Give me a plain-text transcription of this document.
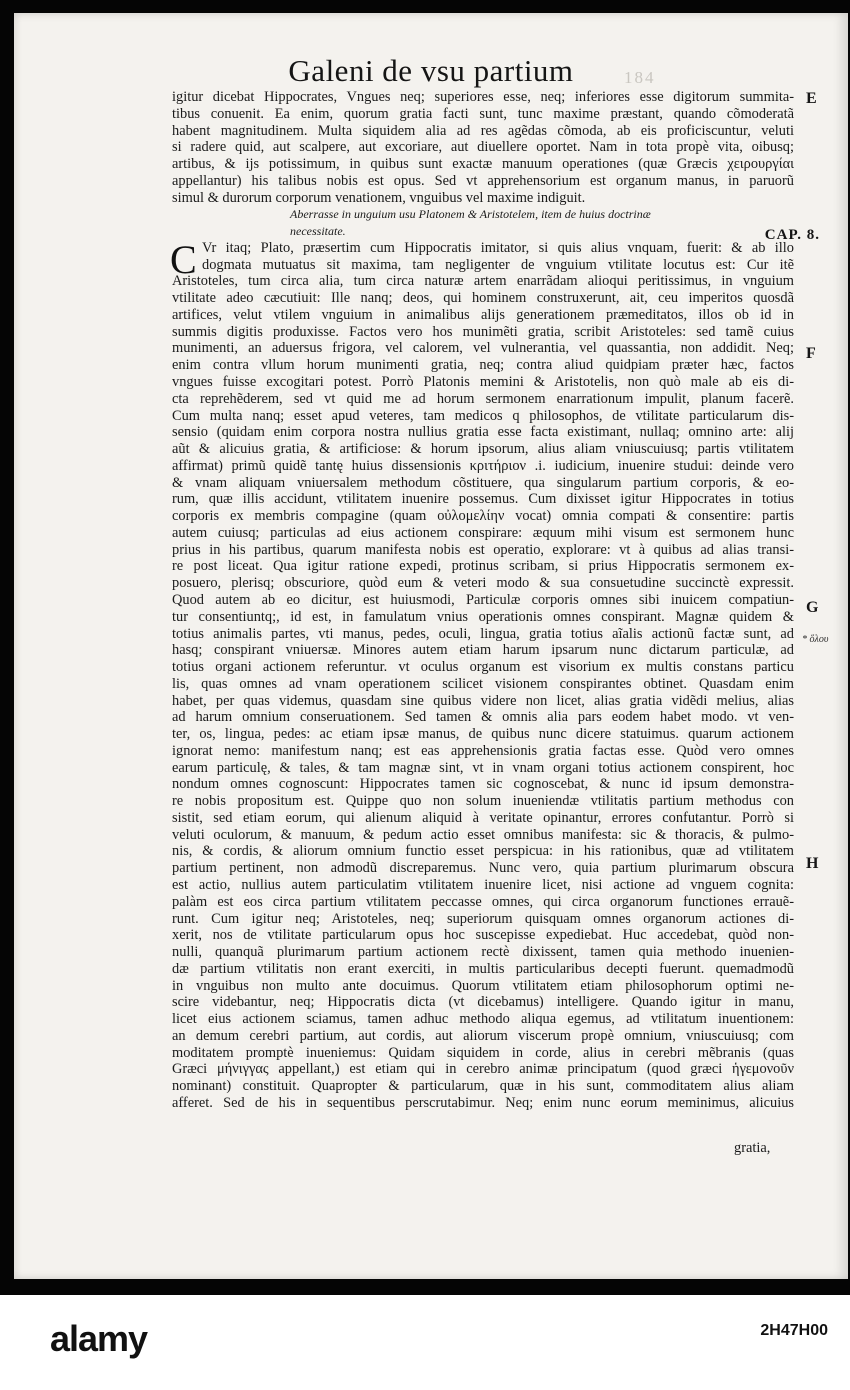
184
Galeni de vsu partium
E
F
G
* ὅλου
H
CAP. 8.
igitur dicebat Hippocrates, Vngues neq; superiores esse, neq; inferiores esse digitorum summita-
tibus conuenit. Ea enim, quorum gratia facti sunt, tunc maxime præstant, quando cõmoderatã
habent magnitudinem. Multa siquidem alia ad res agẽdas cõmoda, ab eis proficiscuntur, veluti
si radere quid, aut scalpere, aut excoriare, aut diuellere oportet. Nam in tota propè vita, oibusq;
artibus, & ijs potissimum, in quibus sunt exactæ manuum operationes (quæ Græcis χειρουργίαι
appellantur) his talibus nobis est opus. Sed vt apprehensorium est organum manus, in paruorũ
simul & durorum corporum venationem, vnguibus vel maxime indiguit.
Aberrasse in unguium usu Platonem & Aristotelem, item de huius doctrinæ
necessitate.
C Vr itaq; Plato, præsertim cum Hippocratis imitator, si quis alius vnquam, fuerit: & ab illo
dogmata mutuatus sit maxima, tam negligenter de vnguium vtilitate locutus est: Cur itẽ
Aristoteles, tum circa alia, tum circa naturæ artem enarrãdam alioqui peritissimus, in vnguium
vtilitate adeo cæcutiuit: Ille nanq; deos, qui hominem construxerunt, ait, ceu imperitos quosdã
artifices, velut vtilem vnguium in animalibus alijs generationem præmeditatos, illos ob id in
summis digitis produxisse. Factos vero hos munimẽti gratia, scribit Aristoteles: sed tamẽ cuius
munimenti, an aduersus frigora, vel calorem, vel vulnerantia, vel quassantia, non addidit. Neq;
enim contra vllum horum munimenti gratia, neq; contra aliud quidpiam præter hæc, factos
vngues fuisse excogitari potest. Porrò Platonis memini & Aristotelis, non quò male ab eis di-
cta reprehẽderem, sed vt quid me ad horum sermonem enarrationum impulit, planum facerẽ.
Cum multa nanq; esset apud veteres, tam medicos q philosophos, de vtilitate particularum dis-
sensio (quidam enim corpora nostra nullius gratia esse facta existimant, nullaq; omnino arte: alij
aũt & alicuius gratia, & artificiose: & horum ipsorum, alius aliam vniuscuiusq; partis vtilitatem
affirmat) primũ quidẽ tantę huius dissensionis κριτήριον .i. iudicium, inuenire studui: deinde vero
& vnam aliquam vniuersalem methodum cõstituere, qua singularum partium corporis, & eo-
rum, quæ illis accidunt, vtilitatem inuenire possemus. Cum dixisset igitur Hippocrates in totius
corporis ex membris compagine (quam οὐλομελίην vocat) omnia compati & consentire: partis
autem cuiusq; particulas ad eius actionem conspirare: æquum mihi visum est sermonem hunc
prius in his partibus, quarum manifesta nobis est operatio, explorare: vt à quibus ad alias transi-
re post liceat. Qua igitur ratione expedi, protinus scribam, si prius Hippocratis sermonem ex-
posuero, plerisq; obscuriore, quòd eum & veteri modo & sua consuetudine succinctè expressit.
Quod autem ab eo dicitur, est huiusmodi, Particulæ corporis omnes sibi inuicem compatiun-
tur consentiuntq;, id est, in famulatum vnius operationis omnes conspirant. Magnæ quidem &
totius animalis partes, vti manus, pedes, oculi, lingua, gratia totius aĩalis actionũ factæ sunt, ad
hasq; conspirant vniuersæ. Minores autem etiam harum ipsarum nunc dictarum particulæ, ad
totius organi actionem referuntur. vt oculus organum est visorium ex multis constans particu
lis, quas omnes ad vnam operationem scilicet visionem conspirantes obtinet. Quasdam enim
habet, per quas videmus, quasdam sine quibus videre non licet, alias gratia vidẽdi melius, alias
ad harum omnium conseruationem. Sed tamen & omnis alia pars eodem habet modo. vt ven-
ter, os, lingua, pedes: ac etiam ipsæ manus, de quibus nunc dicere statuimus. quarum actionem
ignorat nemo: manifestum nanq; est eas apprehensionis gratia factas esse. Quòd vero omnes
earum particulę, & tales, & tam magnæ sint, vt in vnam organi totius actionem conspirent, hoc
nondum omnes cognoscunt: Hippocrates tamen sic cognoscebat, & nunc id ipsum demonstra-
re nobis propositum est. Quippe quo non solum inueniendæ vtilitatis partium methodus con
sistit, sed etiam eorum, qui alienum aliquid à veritate opinantur, errores confutantur. Porrò si
veluti oculorum, & manuum, & pedum actio esset omnibus manifesta: sic & thoracis, & pulmo-
nis, & cordis, & aliorum omnium functio esset perspicua: in his rationibus, quæ ad vtilitatem
partium pertinent, non admodũ discreparemus. Nunc vero, quia partium plurimarum obscura
est actio, nullius autem particulatim vtilitatem inuenire licet, nisi actione ad vnguem cognita:
palàm est eos circa partium vtilitatem peccasse omnes, qui circa organorum functiones errauẽ-
runt. Cum igitur neq; Aristoteles, neq; superiorum quisquam omnes organorum actiones di-
xerit, nos de vtilitate particularum opus hoc suscepisse expediebat. Huc accedebat, quòd non-
nulli, quanquã plurimarum partium actionem rectè dixissent, tamen quia methodo inuenien-
dæ partium vtilitatis non erant exerciti, in multis particularibus decepti fuerunt. quemadmodũ
in vnguibus non multo ante docuimus. Quorum vtilitatem etiam philosophorum optimi ne-
scire videbantur, neq; Hippocratis dicta (vt dicebamus) intelligere. Quando igitur in manu,
licet eius actionem sciamus, tamen adhuc methodo aliqua egemus, ad vtilitatum inuentionem:
an demum cerebri partium, aut cordis, aut aliorum viscerum propè omnium, vniuscuiusq; com
moditatem promptè inueniemus: Quidam siquidem in corde, alius in cerebri mẽbranis (quas
Græci μήνιγγας appellant,) est etiam qui in cerebro animæ principatum (quod græci ἡγεμονοῦν
nominant) constituit. Quapropter & particularum, quæ in his sunt, commoditatem alius aliam
afferet. Sed de his in sequentibus perscrutabimur. Neq; enim nunc eorum meminimus, alicuius
gratia,
alamy	2H47H00
